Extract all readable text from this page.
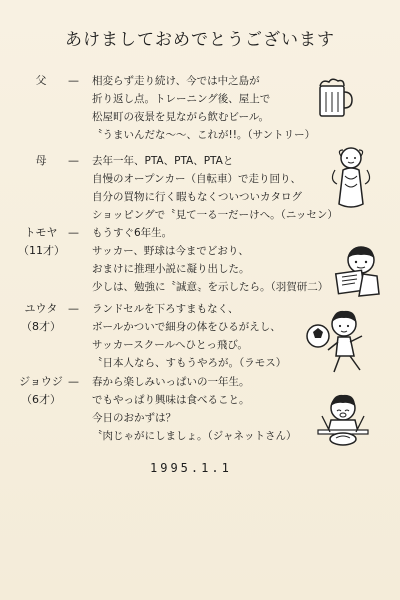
あけましておめでとうございます
父	— 相変らず走り続け、今では中之島が
折り返し点。トレーニング後、屋上で
松屋町の夜景を見ながら飲むビール。
〝うまいんだな〜〜、これが!!。（サントリー）
母	— 去年一年、PTA、PTA、PTAと
自慢のオープンカー（自転車）で走り回り、
自分の買物に行く暇もなくついついカタログ
ショッピングで〝見て一る一だーけへ。（ニッセン）
トモヤ
（11才）
— もうすぐ6年生。
サッカー、野球は今までどおり、
おまけに推理小説に凝り出した。
少しは、勉強に〝誠意〟を示したら。（羽賀研二）
ユウタ
（8才）
— ランドセルを下ろすまもなく、
ボールかついで細身の体をひるがえし、
サッカースクールへひとっ飛び。
〝日本人なら、すもうやろが。（ラモス）
ジョウジ
（6才）
— 春から楽しみいっぱいの一年生。
でもやっぱり興味は食べること。
今日のおかずは？
〝肉じゃがにしましょ。（ジャネットさん）
1995.1.1
